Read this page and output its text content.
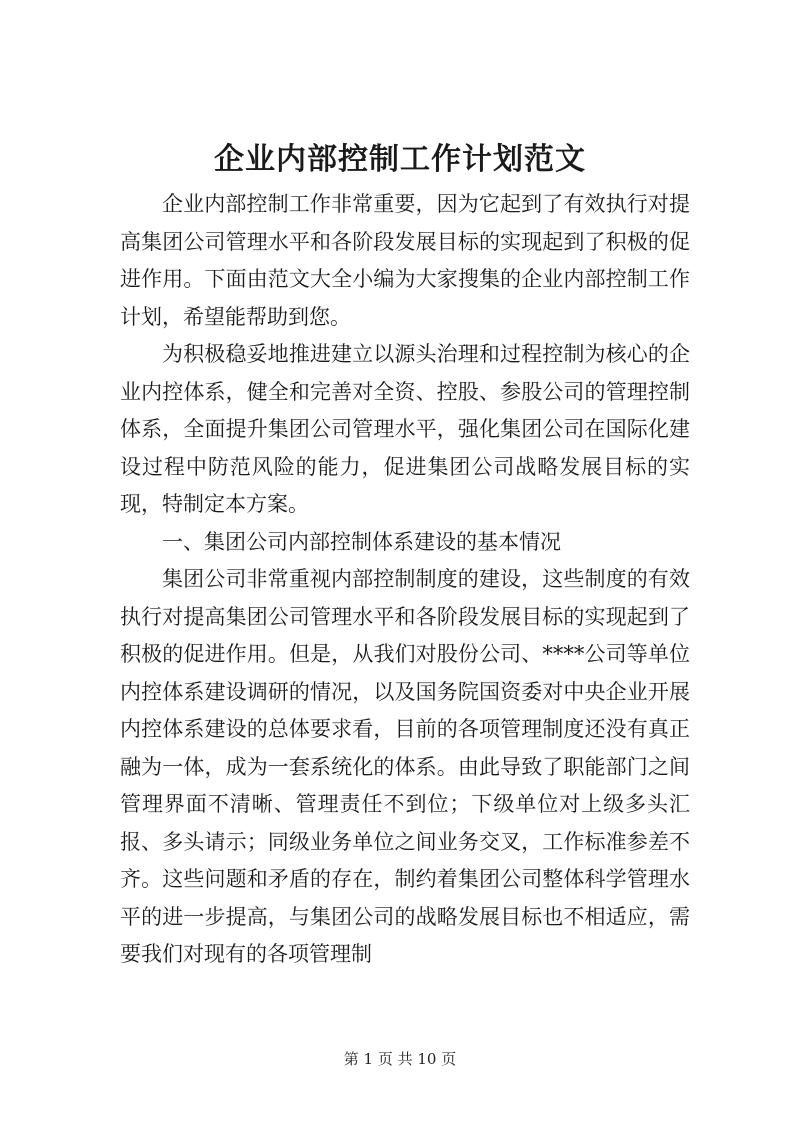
企业内部控制工作计划范文

企业内部控制工作非常重要，因为它起到了有效执行对提高集团公司管理水平和各阶段发展目标的实现起到了积极的促进作用。下面由范文大全小编为大家搜集的企业内部控制工作计划，希望能帮助到您。

为积极稳妥地推进建立以源头治理和过程控制为核心的企业内控体系，健全和完善对全资、控股、参股公司的管理控制体系，全面提升集团公司管理水平，强化集团公司在国际化建设过程中防范风险的能力，促进集团公司战略发展目标的实现，特制定本方案。

一、集团公司内部控制体系建设的基本情况

集团公司非常重视内部控制制度的建设，这些制度的有效执行对提高集团公司管理水平和各阶段发展目标的实现起到了积极的促进作用。但是，从我们对股份公司、****公司等单位内控体系建设调研的情况，以及国务院国资委对中央企业开展内控体系建设的总体要求看，目前的各项管理制度还没有真正融为一体，成为一套系统化的体系。由此导致了职能部门之间管理界面不清晰、管理责任不到位；下级单位对上级多头汇报、多头请示；同级业务单位之间业务交叉，工作标准参差不齐。这些问题和矛盾的存在，制约着集团公司整体科学管理水平的进一步提高，与集团公司的战略发展目标也不相适应，需要我们对现有的各项管理制

第 1 页 共 10 页
